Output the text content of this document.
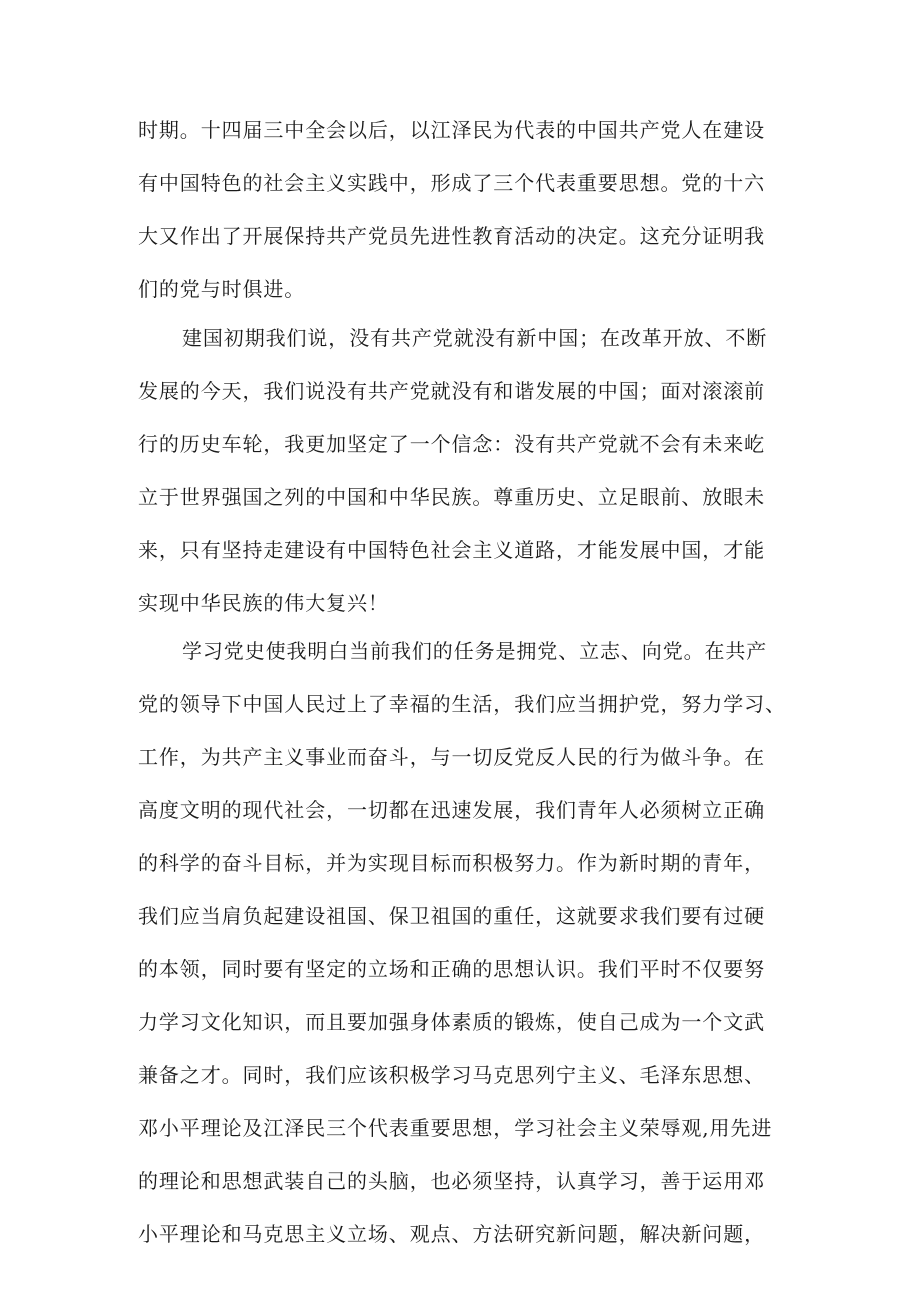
时期。十四届三中全会以后，以江泽民为代表的中国共产党人在建设
有中国特色的社会主义实践中，形成了三个代表重要思想。党的十六
大又作出了开展保持共产党员先进性教育活动的决定。这充分证明我
们的党与时俱进。
建国初期我们说，没有共产党就没有新中国；在改革开放、不断
发展的今天，我们说没有共产党就没有和谐发展的中国；面对滚滚前
行的历史车轮，我更加坚定了一个信念：没有共产党就不会有未来屹
立于世界强国之列的中国和中华民族。尊重历史、立足眼前、放眼未
来，只有坚持走建设有中国特色社会主义道路，才能发展中国，才能
实现中华民族的伟大复兴！
学习党史使我明白当前我们的任务是拥党、立志、向党。在共产
党的领导下中国人民过上了幸福的生活，我们应当拥护党，努力学习、
工作，为共产主义事业而奋斗，与一切反党反人民的行为做斗争。在
高度文明的现代社会，一切都在迅速发展，我们青年人必须树立正确
的科学的奋斗目标，并为实现目标而积极努力。作为新时期的青年，
我们应当肩负起建设祖国、保卫祖国的重任，这就要求我们要有过硬
的本领，同时要有坚定的立场和正确的思想认识。我们平时不仅要努
力学习文化知识，而且要加强身体素质的锻炼，使自己成为一个文武
兼备之才。同时，我们应该积极学习马克思列宁主义、毛泽东思想、
邓小平理论及江泽民三个代表重要思想，学习社会主义荣辱观,用先进
的理论和思想武装自己的头脑，也必须坚持，认真学习，善于运用邓
小平理论和马克思主义立场、观点、方法研究新问题，解决新问题，
